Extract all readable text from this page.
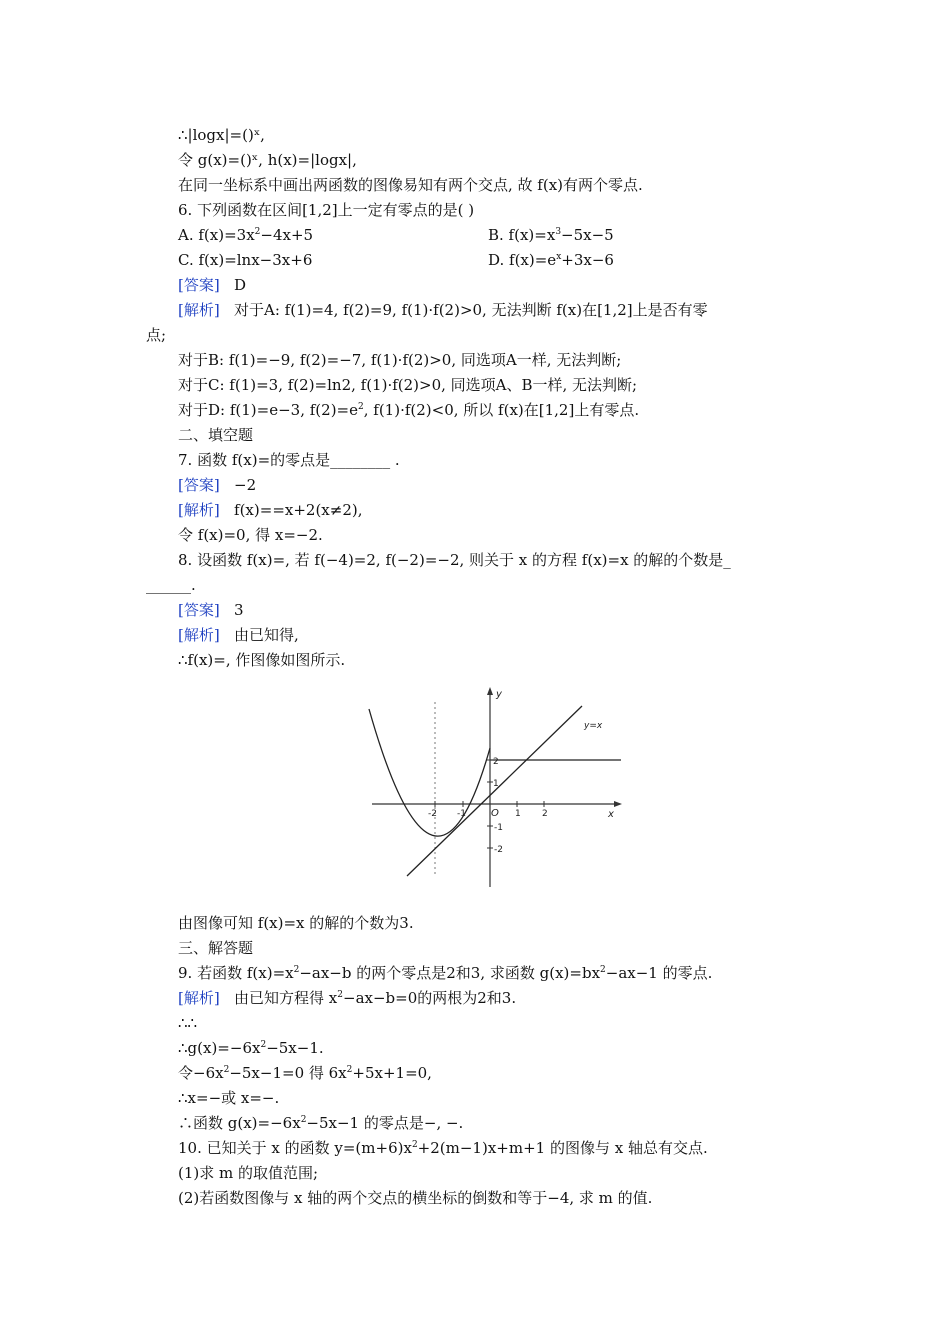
∴|logx|=()ˣ,
令 g(x)=()ˣ, h(x)=|logx|,
在同一坐标系中画出两函数的图像易知有两个交点, 故 f(x)有两个零点.
6. 下列函数在区间[1,2]上一定有零点的是( )
A. $f(x)=3x^2-4x+5$	B. $f(x)=x^3-5x-5$
C. f(x)=lnx−3x+6	D. $f(x)=e^x+3x-6$
[答案] D
[解析] 对于A: f(1)=4, f(2)=9, f(1)·f(2)>0, 无法判断 f(x)在[1,2]上是否有零
点;
对于B: f(1)=−9, f(2)=−7, f(1)·f(2)>0, 同选项A一样, 无法判断;
对于C: f(1)=3, f(2)=ln2, f(1)·f(2)>0, 同选项A、B一样, 无法判断;
对于D: f(1)=e−3, $f(2)=e^2$, f(1)·f(2)<0, 所以 f(x)在[1,2]上有零点.
二、填空题
7. 函数 f(x)=的零点是________ .
[答案] −2
[解析] f(x)==x+2(x≠2),
令 f(x)=0, 得 x=−2.
8. 设函数 f(x)=, 若 f(−4)=2, f(−2)=−2, 则关于 x 的方程 f(x)=x 的解的个数是_
______.
[答案] 3
[解析] 由已知得,
∴f(x)=, 作图像如图所示.
y
x
y=x
O
-2 -1	1 2
2
1
-1
-2
由图像可知 f(x)=x 的解的个数为3.
三、解答题
9. 若函数 $f(x)=x^2-ax-b$ 的两个零点是2和3, 求函数 $g(x)=bx^2-ax-1$ 的零点.
[解析] 由已知方程得 $x^2-ax-b=0$的两根为2和3.
∴∴
$\therefore g(x)=-6x^2-5x-1$.
令$-6x^2-5x-1=0$ 得 $6x^2+5x+1=0$,
∴x=−或 x=−.
∴函数 $g(x)=-6x^2-5x-1$ 的零点是−, −.
10. 已知关于 x 的函数 $y=(m+6)x^2+2(m-1)x+m+1$ 的图像与 x 轴总有交点.
(1)求 m 的取值范围;
(2)若函数图像与 x 轴的两个交点的横坐标的倒数和等于−4, 求 m 的值.
